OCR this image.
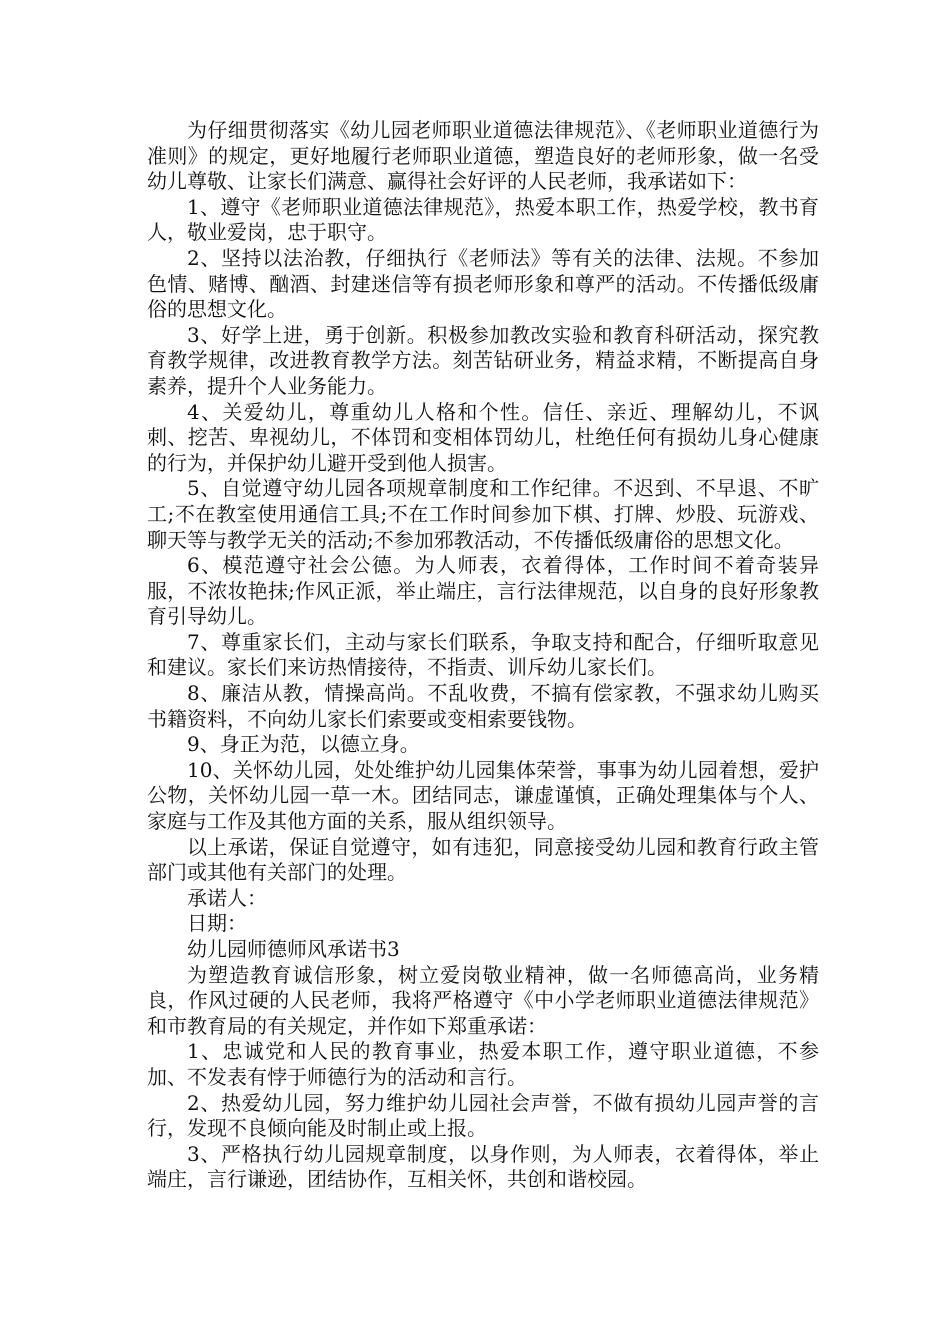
为仔细贯彻落实《幼儿园老师职业道德法律规范》、《老师职业道德行为准则》的规定，更好地履行老师职业道德，塑造良好的老师形象，做一名受幼儿尊敬、让家长们满意、赢得社会好评的人民老师，我承诺如下：

1、遵守《老师职业道德法律规范》，热爱本职工作，热爱学校，教书育人，敬业爱岗，忠于职守。

2、坚持以法治教，仔细执行《老师法》等有关的法律、法规。不参加色情、赌博、酗酒、封建迷信等有损老师形象和尊严的活动。不传播低级庸俗的思想文化。

3、好学上进，勇于创新。积极参加教改实验和教育科研活动，探究教育教学规律，改进教育教学方法。刻苦钻研业务，精益求精，不断提高自身素养，提升个人业务能力。

4、关爱幼儿，尊重幼儿人格和个性。信任、亲近、理解幼儿，不讽刺、挖苦、卑视幼儿，不体罚和变相体罚幼儿，杜绝任何有损幼儿身心健康的行为，并保护幼儿避开受到他人损害。

5、自觉遵守幼儿园各项规章制度和工作纪律。不迟到、不早退、不旷工;不在教室使用通信工具;不在工作时间参加下棋、打牌、炒股、玩游戏、聊天等与教学无关的活动;不参加邪教活动，不传播低级庸俗的思想文化。

6、模范遵守社会公德。为人师表，衣着得体，工作时间不着奇装异服，不浓妆艳抹;作风正派，举止端庄，言行法律规范，以自身的良好形象教育引导幼儿。

7、尊重家长们，主动与家长们联系，争取支持和配合，仔细听取意见和建议。家长们来访热情接待，不指责、训斥幼儿家长们。

8、廉洁从教，情操高尚。不乱收费，不搞有偿家教，不强求幼儿购买书籍资料，不向幼儿家长们索要或变相索要钱物。

9、身正为范，以德立身。

10、关怀幼儿园，处处维护幼儿园集体荣誉，事事为幼儿园着想，爱护公物，关怀幼儿园一草一木。团结同志，谦虚谨慎，正确处理集体与个人、家庭与工作及其他方面的关系，服从组织领导。

以上承诺，保证自觉遵守，如有违犯，同意接受幼儿园和教育行政主管部门或其他有关部门的处理。

承诺人：

日期：

幼儿园师德师风承诺书3

为塑造教育诚信形象，树立爱岗敬业精神，做一名师德高尚，业务精良，作风过硬的人民老师，我将严格遵守《中小学老师职业道德法律规范》和市教育局的有关规定，并作如下郑重承诺：

1、忠诚党和人民的教育事业，热爱本职工作，遵守职业道德，不参加、不发表有悖于师德行为的活动和言行。

2、热爱幼儿园，努力维护幼儿园社会声誉，不做有损幼儿园声誉的言行，发现不良倾向能及时制止或上报。

3、严格执行幼儿园规章制度，以身作则，为人师表，衣着得体，举止端庄，言行谦逊，团结协作，互相关怀，共创和谐校园。
